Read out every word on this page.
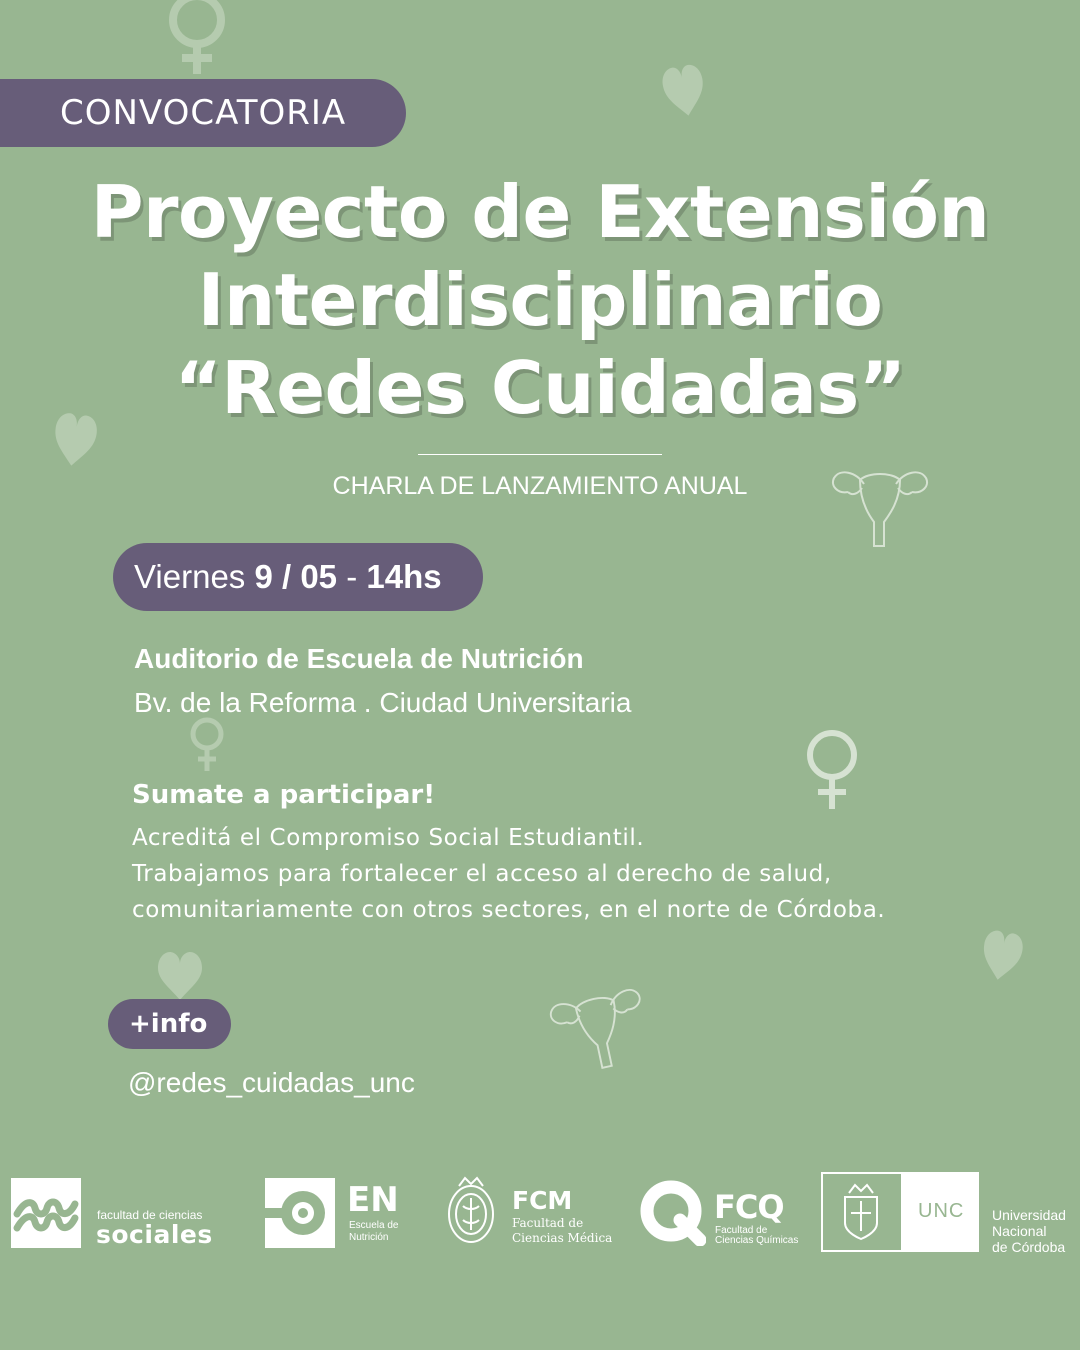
CONVOCATORIA
Proyecto de Extensión
Interdisciplinario
“Redes Cuidadas”
CHARLA DE LANZAMIENTO ANUAL
Viernes 9 / 05 - 14hs
Auditorio de Escuela de Nutrición
Bv. de la Reforma . Ciudad Universitaria
Sumate a participar!
Acreditá el Compromiso Social Estudiantil.
Trabajamos para fortalecer el acceso al derecho de salud,
comunitariamente con otros sectores, en el norte de Córdoba.
+info
@redes_cuidadas_unc
facultad de ciencias
sociales
EN
Escuela de
Nutrición
FCM
Facultad de
Ciencias Médica
FCQ
Facultad de
Ciencias Químicas
UNC Universidad
Nacional
de Córdoba
